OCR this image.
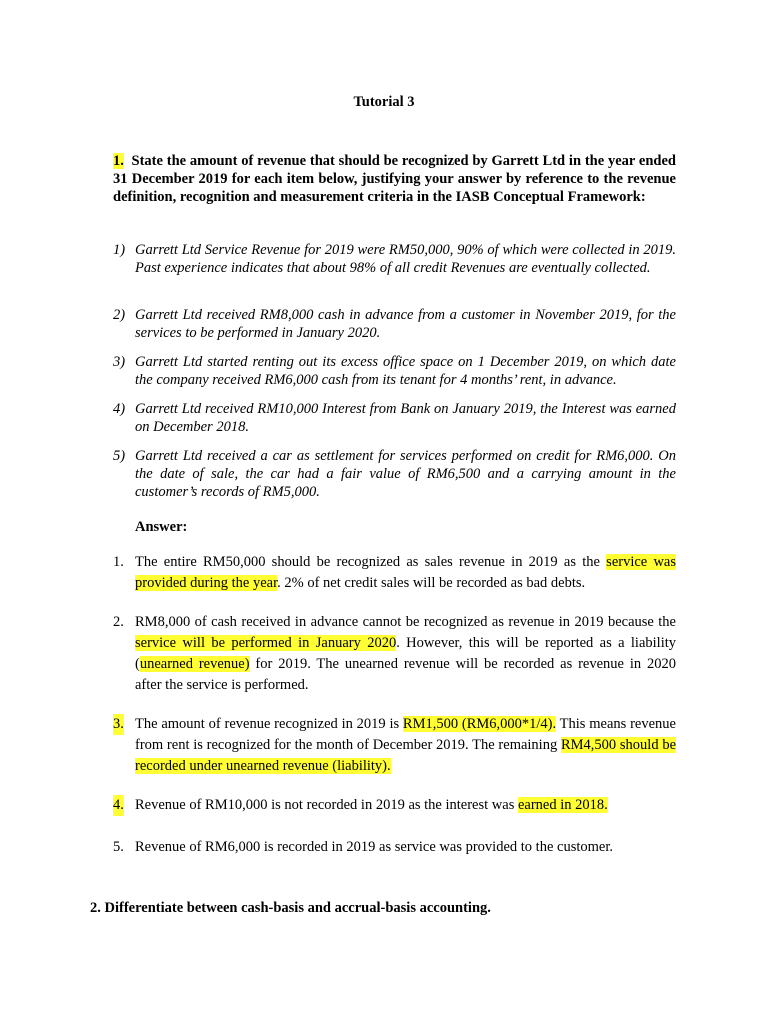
Tutorial 3
1. State the amount of revenue that should be recognized by Garrett Ltd in the year ended 31 December 2019 for each item below, justifying your answer by reference to the revenue definition, recognition and measurement criteria in the IASB Conceptual Framework:
1) Garrett Ltd Service Revenue for 2019 were RM50,000, 90% of which were collected in 2019. Past experience indicates that about 98% of all credit Revenues are eventually collected.
2) Garrett Ltd received RM8,000 cash in advance from a customer in November 2019, for the services to be performed in January 2020.
3) Garrett Ltd started renting out its excess office space on 1 December 2019, on which date the company received RM6,000 cash from its tenant for 4 months’ rent, in advance.
4) Garrett Ltd received RM10,000 Interest from Bank on January 2019, the Interest was earned on December 2018.
5) Garrett Ltd received a car as settlement for services performed on credit for RM6,000. On the date of sale, the car had a fair value of RM6,500 and a carrying amount in the customer’s records of RM5,000.
Answer:
1. The entire RM50,000 should be recognized as sales revenue in 2019 as the service was provided during the year. 2% of net credit sales will be recorded as bad debts.
2. RM8,000 of cash received in advance cannot be recognized as revenue in 2019 because the service will be performed in January 2020. However, this will be reported as a liability (unearned revenue) for 2019. The unearned revenue will be recorded as revenue in 2020 after the service is performed.
3. The amount of revenue recognized in 2019 is RM1,500 (RM6,000*1/4). This means revenue from rent is recognized for the month of December 2019. The remaining RM4,500 should be recorded under unearned revenue (liability).
4. Revenue of RM10,000 is not recorded in 2019 as the interest was earned in 2018.
5. Revenue of RM6,000 is recorded in 2019 as service was provided to the customer.
2. Differentiate between cash-basis and accrual-basis accounting.
